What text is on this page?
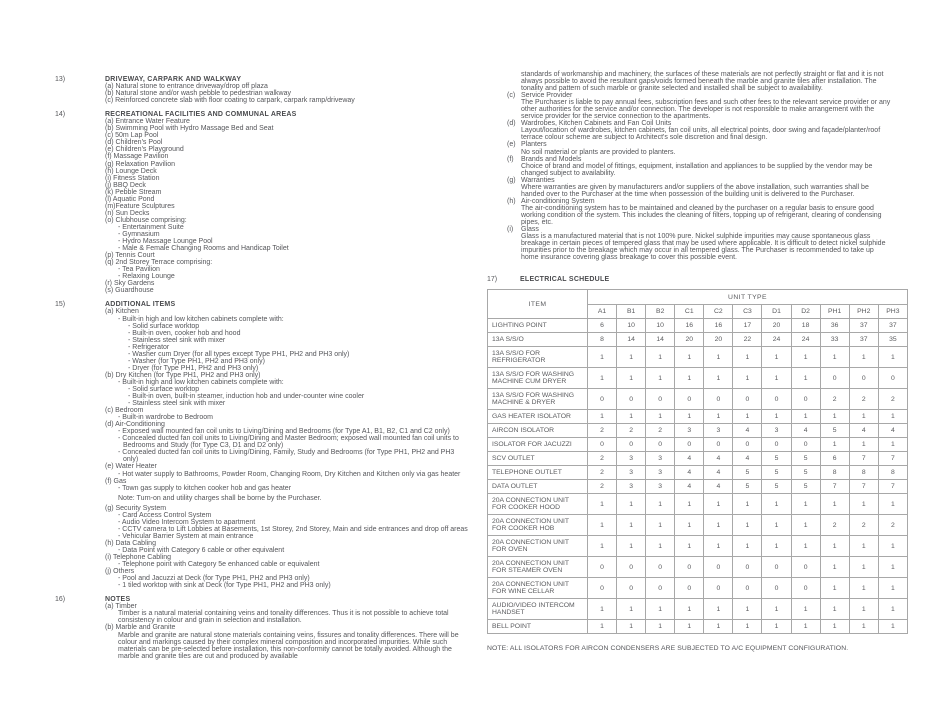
13)	DRIVEWAY, CARPARK AND WALKWAY
(a) Natural stone to entrance driveway/drop off plaza
(b) Natural stone and/or wash pebble to pedestrian walkway
(c) Reinforced concrete slab with floor coating to carpark, carpark ramp/driveway
14)	RECREATIONAL FACILITIES AND COMMUNAL AREAS
(a) Entrance Water Feature
(b) Swimming Pool with Hydro Massage Bed and Seat
(c) 50m Lap Pool
(d) Children's Pool
(e) Children's Playground
(f) Massage Pavilion
(g) Relaxation Pavilion
(h) Lounge Deck
(i) Fitness Station
(j) BBQ Deck
(k) Pebble Stream
(l) Aquatic Pond
(m)Feature Sculptures
(n) Sun Decks
(o) Clubhouse comprising:
- Entertainment Suite
- Gymnasium
- Hydro Massage Lounge Pool
- Male & Female Changing Rooms and Handicap Toilet
(p) Tennis Court
(q) 2nd Storey Terrace comprising:
- Tea Pavilion
- Relaxing Lounge
(r) Sky Gardens
(s) Guardhouse
15)	ADDITIONAL ITEMS
(a) Kitchen
- Built-in high and low kitchen cabinets complete with:
- Solid surface worktop
- Built-in oven, cooker hob and hood
- Stainless steel sink with mixer
- Refrigerator
- Washer cum Dryer (for all types except Type PH1, PH2 and PH3 only)
- Washer (for Type PH1, PH2 and PH3 only)
- Dryer (for Type PH1, PH2 and PH3 only)
(b) Dry Kitchen (for Type PH1, PH2 and PH3 only)
- Built-in high and low kitchen cabinets complete with:
- Solid surface worktop
- Built-in oven, built-in steamer, induction hob and under-counter wine cooler
- Stainless steel sink with mixer
(c) Bedroom
- Built-in wardrobe to Bedroom
(d) Air-Conditioning
- Exposed wall mounted fan coil units to Living/Dining and Bedrooms (for Type A1, B1, B2, C1 and C2 only)
- Concealed ducted fan coil units to Living/Dining and Master Bedroom; exposed wall mounted fan coil units to Bedrooms and Study (for Type C3, D1 and D2 only)
- Concealed ducted fan coil units to Living/Dining, Family, Study and Bedrooms (for Type PH1, PH2 and PH3 only)
(e) Water Heater
- Hot water supply to Bathrooms, Powder Room, Changing Room, Dry Kitchen and Kitchen only via gas heater
(f) Gas
- Town gas supply to kitchen cooker hob and gas heater
Note: Turn-on and utility charges shall be borne by the Purchaser.
(g) Security System
- Card Access Control System
- Audio Video Intercom System to apartment
- CCTV camera to Lift Lobbies at Basements, 1st Storey, 2nd Storey, Main and side entrances and drop off areas
- Vehicular Barrier System at main entrance
(h) Data Cabling
- Data Point with Category 6 cable or other equivalent
(i) Telephone Cabling
- Telephone point with Category 5e enhanced cable or equivalent
(j) Others
- Pool and Jacuzzi at Deck (for Type PH1, PH2 and PH3 only)
- 1 tiled worktop with sink at Deck (for Type PH1, PH2 and PH3 only)
16)	NOTES
(a) Timber
Timber is a natural material containing veins and tonality differences. Thus it is not possible to achieve total consistency in colour and grain in selection and installation.
(b) Marble and Granite
Marble and granite are natural stone materials containing veins, fissures and tonality differences. There will be colour and markings caused by their complex mineral composition and incorporated impurities. While such materials can be pre-selected before installation, this non-conformity cannot be totally avoided. Although the marble and granite tiles are cut and produced by available
standards of workmanship and machinery, the surfaces of these materials are not perfectly straight or flat and it is not always possible to avoid the resultant gaps/voids formed beneath the marble and granite tiles after installation. The tonality and pattern of such marble or granite selected and installed shall be subject to availability.
(c) Service Provider
The Purchaser is liable to pay annual fees, subscription fees and such other fees to the relevant service provider or any other authorities for the service and/or connection. The developer is not responsible to make arrangement with the service provider for the service connection to the apartments.
(d) Wardrobes, Kitchen Cabinets and Fan Coil Units
Layout/location of wardrobes, kitchen cabinets, fan coil units, all electrical points, door swing and façade/planter/roof terrace colour scheme are subject to Architect's sole discretion and final design.
(e) Planters
No soil material or plants are provided to planters.
(f) Brands and Models
Choice of brand and model of fittings, equipment, installation and appliances to be supplied by the vendor may be changed subject to availability.
(g) Warranties
Where warranties are given by manufacturers and/or suppliers of the above installation, such warranties shall be handed over to the Purchaser at the time when possession of the building unit is delivered to the Purchaser.
(h) Air-conditioning System
The air-conditioning system has to be maintained and cleaned by the purchaser on a regular basis to ensure good working condition of the system. This includes the cleaning of filters, topping up of refrigerant, clearing of condensing pipes, etc.
(i) Glass
Glass is a manufactured material that is not 100% pure. Nickel sulphide impurities may cause spontaneous glass breakage in certain pieces of tempered glass that may be used where applicable. It is difficult to detect nickel sulphide impurities prior to the breakage which may occur in all tempered glass. The Purchaser is recommended to take up home insurance covering glass breakage to cover this possible event.
17)	ELECTRICAL SCHEDULE
ITEM	UNIT TYPE										
	A1	B1	B2	C1	C2	C3	D1	D2	PH1	PH2	PH3
LIGHTING POINT	6	10	10	16	16	17	20	18	36	37	37
13A S/S/O	8	14	14	20	20	22	24	24	33	37	35
13A S/S/O FOR REFRIGERATOR	1	1	1	1	1	1	1	1	1	1	1
13A S/S/O FOR WASHING MACHINE CUM DRYER	1	1	1	1	1	1	1	1	0	0	0
13A S/S/O FOR WASHING MACHINE & DRYER	0	0	0	0	0	0	0	0	2	2	2
GAS HEATER ISOLATOR	1	1	1	1	1	1	1	1	1	1	1
AIRCON ISOLATOR	2	2	2	3	3	4	3	4	5	4	4
ISOLATOR FOR JACUZZI	0	0	0	0	0	0	0	0	1	1	1
SCV OUTLET	2	3	3	4	4	4	5	5	6	7	7
TELEPHONE OUTLET	2	3	3	4	4	5	5	5	8	8	8
DATA OUTLET	2	3	3	4	4	5	5	5	7	7	7
20A CONNECTION UNIT FOR COOKER HOOD	1	1	1	1	1	1	1	1	1	1	1
20A CONNECTION UNIT FOR COOKER HOB	1	1	1	1	1	1	1	1	2	2	2
20A CONNECTION UNIT FOR OVEN	1	1	1	1	1	1	1	1	1	1	1
20A CONNECTION UNIT FOR STEAMER OVEN	0	0	0	0	0	0	0	0	1	1	1
20A CONNECTION UNIT FOR WINE CELLAR	0	0	0	0	0	0	0	0	1	1	1
AUDIO/VIDEO INTERCOM HANDSET	1	1	1	1	1	1	1	1	1	1	1
BELL POINT	1	1	1	1	1	1	1	1	1	1	1
NOTE: ALL ISOLATORS FOR AIRCON CONDENSERS ARE SUBJECTED TO A/C EQUIPMENT CONFIGURATION.
